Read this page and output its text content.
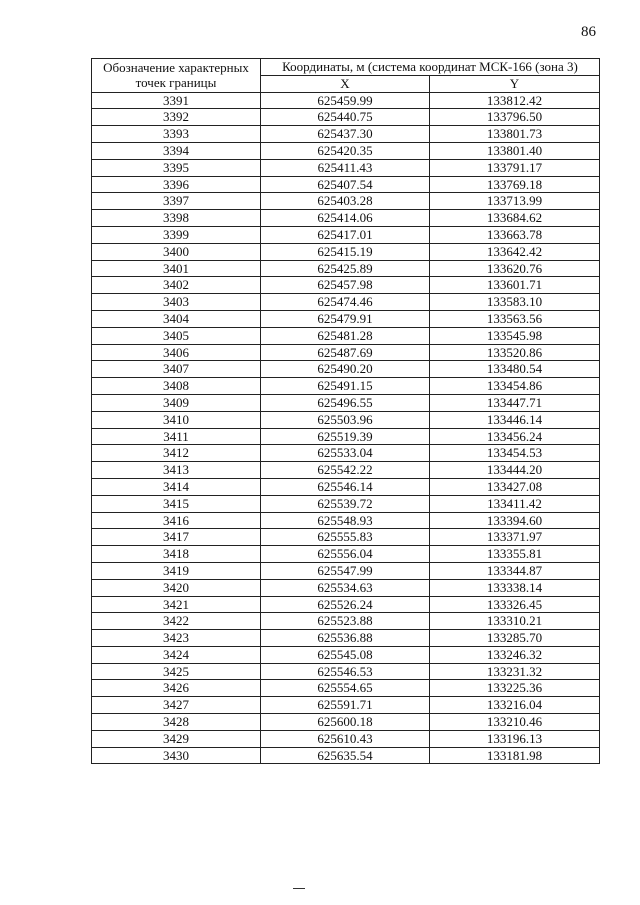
86
Обозначение характерных точек границы	Координаты, м (система координат МСК-166 (зона 3)	
	X	Y
3391	625459.99	133812.42
3392	625440.75	133796.50
3393	625437.30	133801.73
3394	625420.35	133801.40
3395	625411.43	133791.17
3396	625407.54	133769.18
3397	625403.28	133713.99
3398	625414.06	133684.62
3399	625417.01	133663.78
3400	625415.19	133642.42
3401	625425.89	133620.76
3402	625457.98	133601.71
3403	625474.46	133583.10
3404	625479.91	133563.56
3405	625481.28	133545.98
3406	625487.69	133520.86
3407	625490.20	133480.54
3408	625491.15	133454.86
3409	625496.55	133447.71
3410	625503.96	133446.14
3411	625519.39	133456.24
3412	625533.04	133454.53
3413	625542.22	133444.20
3414	625546.14	133427.08
3415	625539.72	133411.42
3416	625548.93	133394.60
3417	625555.83	133371.97
3418	625556.04	133355.81
3419	625547.99	133344.87
3420	625534.63	133338.14
3421	625526.24	133326.45
3422	625523.88	133310.21
3423	625536.88	133285.70
3424	625545.08	133246.32
3425	625546.53	133231.32
3426	625554.65	133225.36
3427	625591.71	133216.04
3428	625600.18	133210.46
3429	625610.43	133196.13
3430	625635.54	133181.98
